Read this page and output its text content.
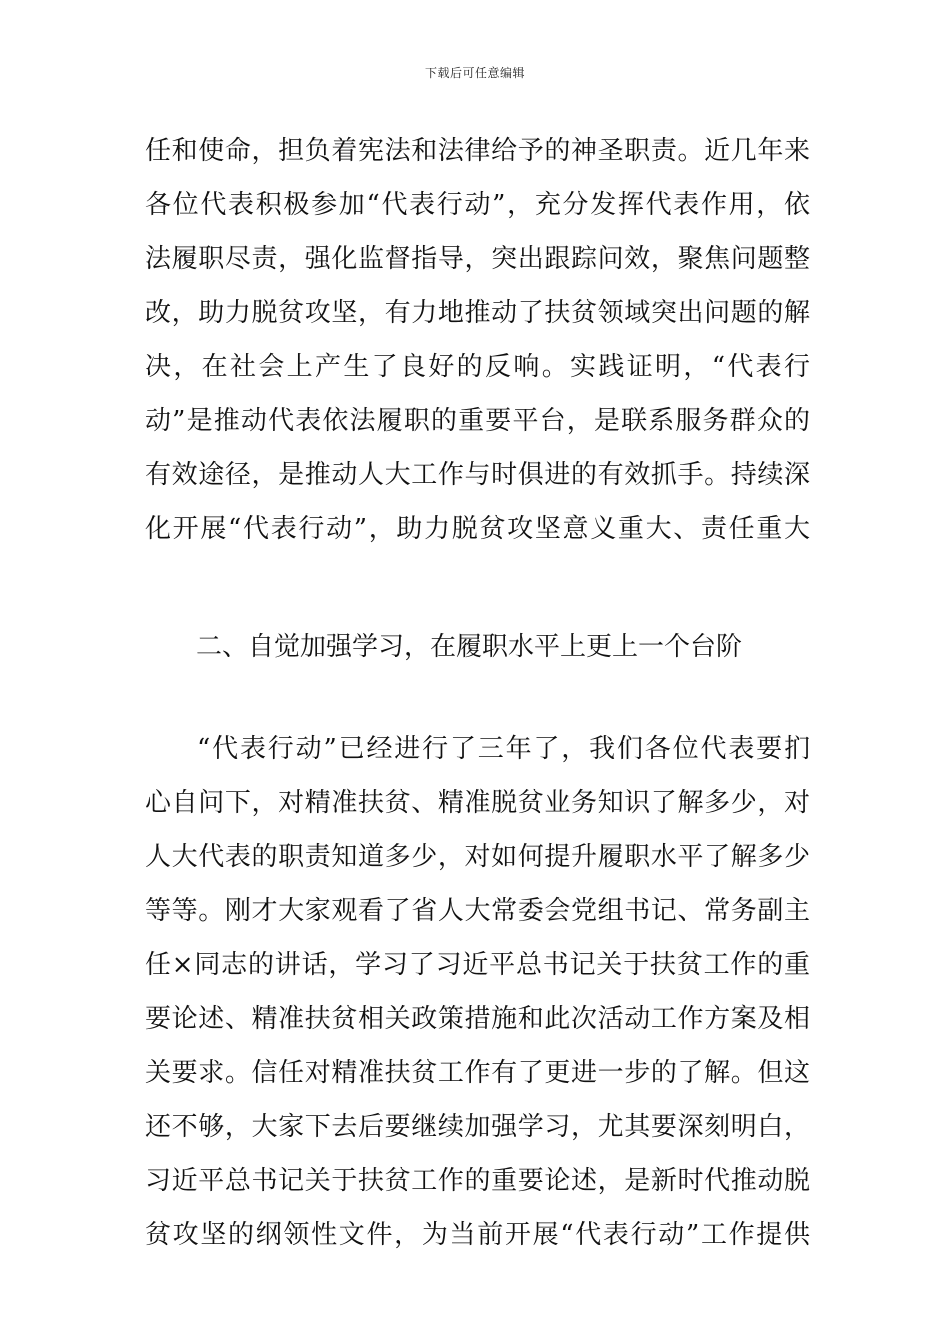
下载后可任意编辑
任和使命，担负着宪法和法律给予的神圣职责。近几年来
各位代表积极参加“代表行动”，充分发挥代表作用，依
法履职尽责，强化监督指导，突出跟踪问效，聚焦问题整
改，助力脱贫攻坚，有力地推动了扶贫领域突出问题的解
决，在社会上产生了良好的反响。实践证明，“代表行
动”是推动代表依法履职的重要平台，是联系服务群众的
有效途径，是推动人大工作与时俱进的有效抓手。持续深
化开展“代表行动”，助力脱贫攻坚意义重大、责任重大
二、自觉加强学习，在履职水平上更上一个台阶
“代表行动”已经进行了三年了，我们各位代表要扪
心自问下，对精准扶贫、精准脱贫业务知识了解多少，对
人大代表的职责知道多少，对如何提升履职水平了解多少
等等。刚才大家观看了省人大常委会党组书记、常务副主
任×同志的讲话，学习了习近平总书记关于扶贫工作的重
要论述、精准扶贫相关政策措施和此次活动工作方案及相
关要求。信任对精准扶贫工作有了更进一步的了解。但这
还不够，大家下去后要继续加强学习，尤其要深刻明白，
习近平总书记关于扶贫工作的重要论述，是新时代推动脱
贫攻坚的纲领性文件，为当前开展“代表行动”工作提供
